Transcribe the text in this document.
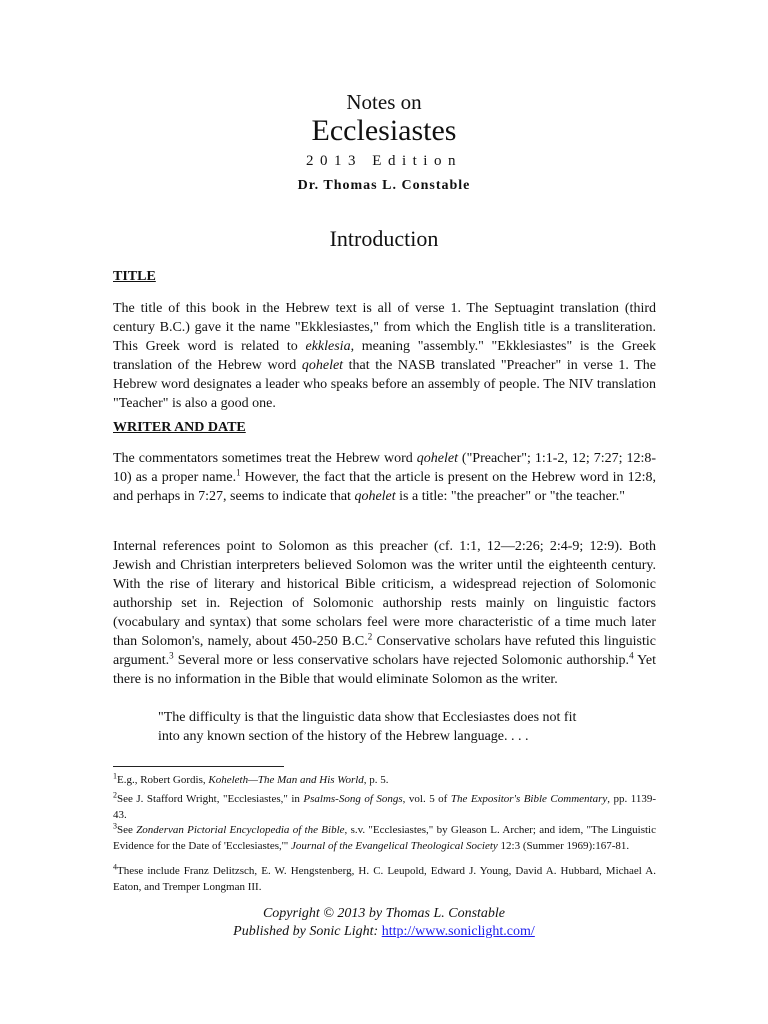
Notes on
Ecclesiastes
2013 Edition
Dr. Thomas L. Constable
Introduction
TITLE
The title of this book in the Hebrew text is all of verse 1. The Septuagint translation (third century B.C.) gave it the name "Ekklesiastes," from which the English title is a transliteration. This Greek word is related to ekklesia, meaning "assembly." "Ekklesiastes" is the Greek translation of the Hebrew word qohelet that the NASB translated "Preacher" in verse 1. The Hebrew word designates a leader who speaks before an assembly of people. The NIV translation "Teacher" is also a good one.
WRITER AND DATE
The commentators sometimes treat the Hebrew word qohelet ("Preacher"; 1:1-2, 12; 7:27; 12:8-10) as a proper name.$^1$ However, the fact that the article is present on the Hebrew word in 12:8, and perhaps in 7:27, seems to indicate that qohelet is a title: "the preacher" or "the teacher."
Internal references point to Solomon as this preacher (cf. 1:1, 12—2:26; 2:4-9; 12:9). Both Jewish and Christian interpreters believed Solomon was the writer until the eighteenth century. With the rise of literary and historical Bible criticism, a widespread rejection of Solomonic authorship set in. Rejection of Solomonic authorship rests mainly on linguistic factors (vocabulary and syntax) that some scholars feel were more characteristic of a time much later than Solomon's, namely, about 450-250 B.C.$^2$ Conservative scholars have refuted this linguistic argument.$^3$ Several more or less conservative scholars have rejected Solomonic authorship.$^4$ Yet there is no information in the Bible that would eliminate Solomon as the writer.
"The difficulty is that the linguistic data show that Ecclesiastes does not fit
into any known section of the history of the Hebrew language. . . .
$^1$E.g., Robert Gordis, Koheleth—The Man and His World, p. 5.
$^2$See J. Stafford Wright, "Ecclesiastes," in Psalms-Song of Songs, vol. 5 of The Expositor's Bible Commentary, pp. 1139-43.
$^3$See Zondervan Pictorial Encyclopedia of the Bible, s.v. "Ecclesiastes," by Gleason L. Archer; and idem, "The Linguistic Evidence for the Date of 'Ecclesiastes,'" Journal of the Evangelical Theological Society 12:3 (Summer 1969):167-81.
$^4$These include Franz Delitzsch, E. W. Hengstenberg, H. C. Leupold, Edward J. Young, David A. Hubbard, Michael A. Eaton, and Tremper Longman III.
Copyright © 2013 by Thomas L. Constable
Published by Sonic Light: http://www.soniclight.com/
